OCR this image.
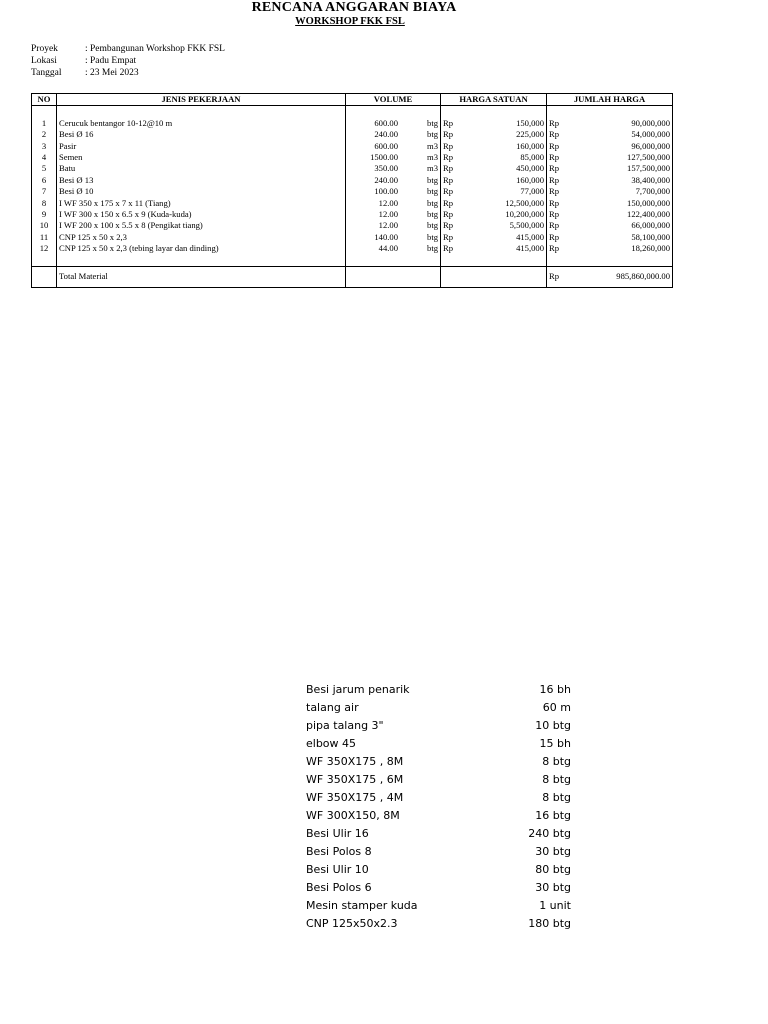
RENCANA ANGGARAN BIAYA
WORKSHOP FKK FSL
Proyek	: Pembangunan Workshop FKK FSL
Lokasi	: Padu Empat
Tanggal	: 23 Mei 2023
NO	JENIS PEKERJAAN	VOLUME	HARGA SATUAN	JUMLAH HARGA

1	Cerucuk bentangor 10-12@10 m	600.00 btg	Rp 150,000	Rp 90,000,000

2	Besi Ø 16	240.00 btg	Rp 225,000	Rp 54,000,000

3	Pasir	600.00 m3	Rp 160,000	Rp 96,000,000

4	Semen	1500.00 m3	Rp 85,000	Rp 127,500,000

5	Batu	350.00 m3	Rp 450,000	Rp 157,500,000

6	Besi Ø 13	240.00 btg	Rp 160,000	Rp 38,400,000

7	Besi Ø 10	100.00 btg	Rp 77,000	Rp 7,700,000

8	I WF 350 x 175 x 7 x 11 (Tiang)	12.00 btg	Rp 12,500,000	Rp 150,000,000

9	I WF 300 x 150 x 6.5 x 9 (Kuda-kuda)	12.00 btg	Rp 10,200,000	Rp 122,400,000

10	I WF 200 x 100 x 5.5 x 8 (Pengikat tiang)	12.00 btg	Rp 5,500,000	Rp 66,000,000

11	CNP 125 x 50 x 2,3	140.00 btg	Rp 415,000	Rp 58,100,000

12	CNP 125 x 50 x 2,3 (tebing layar dan dinding)	44.00 btg	Rp 415,000	Rp 18,260,000

	Total Material			Rp 985,860,000.00
Besi jarum penarik	16 bh
talang air	60 m
pipa talang 3"	10 btg
elbow 45	15 bh
WF 350X175 , 8M	8 btg
WF 350X175 , 6M	8 btg
WF 350X175 , 4M	8 btg
WF 300X150, 8M	16 btg
Besi Ulir 16	240 btg
Besi Polos 8	30 btg
Besi Ulir 10	80 btg
Besi Polos 6	30 btg
Mesin stamper kuda	1 unit
CNP 125x50x2.3	180 btg
